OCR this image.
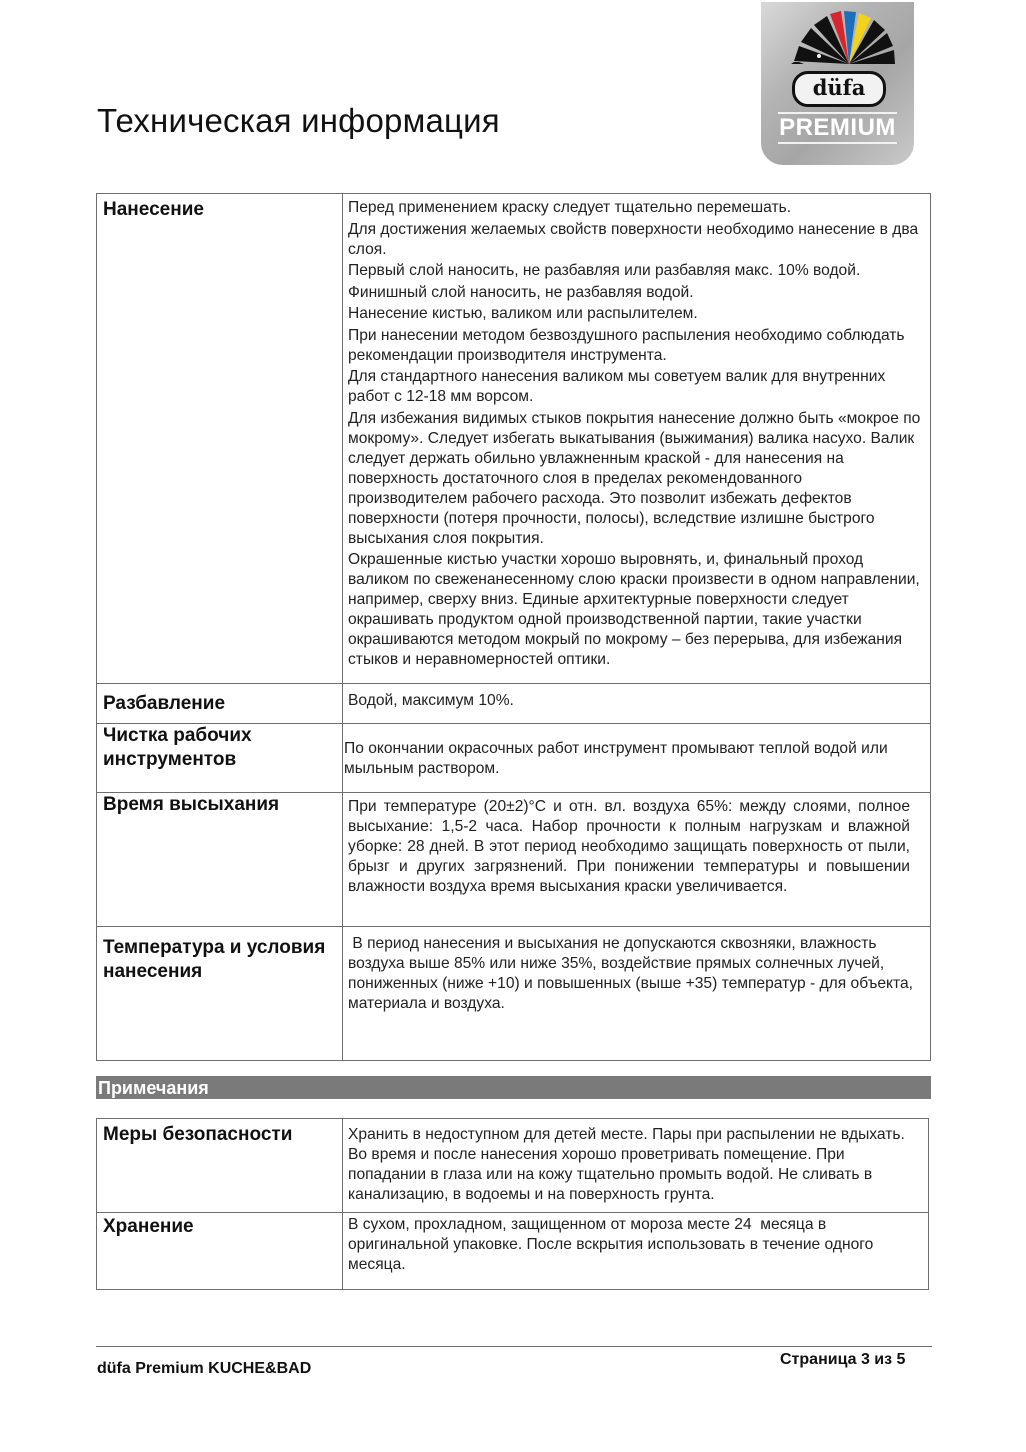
Техническая информация
düfa
PREMIUM
Нанесение	Перед применением краску следует тщательно перемешать.

Для достижения желаемых свойств поверхности необходимо нанесение в два слоя.

Первый слой наносить, не разбавляя или разбавляя макс. 10% водой.

Финишный слой наносить, не разбавляя водой.

Нанесение кистью, валиком или распылителем.

При нанесении методом безвоздушного распыления необходимо соблюдать рекомендации производителя инструмента.

Для стандартного нанесения валиком мы советуем валик для внутренних работ с 12-18 мм ворсом.

Для избежания видимых стыков покрытия нанесение должно быть «мокрое по мокрому». Следует избегать выкатывания (выжимания) валика насухо. Валик следует держать обильно увлажненным краской - для нанесения на поверхность достаточного слоя в пределах рекомендованного производителем рабочего расхода. Это позволит избежать дефектов поверхности (потеря прочности, полосы), вследствие излишне быстрого высыхания слоя покрытия.

Окрашенные кистью участки хорошо выровнять, и, финальный проход валиком по свеженанесенному слою краски произвести в одном направлении, например, сверху вниз. Единые архитектурные поверхности следует окрашивать продуктом одной производственной партии, такие участки окрашиваются методом мокрый по мокрому – без перерыва, для избежания стыков и неравномерностей оптики.

Разбавление	Водой, максимум 10%.

Чистка рабочих инструментов	По окончании окрасочных работ инструмент промывают теплой водой или мыльным раствором.

Время высыхания	При температуре (20±2)°C и отн. вл. воздуха 65%: между слоями, полное высыхание: 1,5-2 часа. Набор прочности к полным нагрузкам и влажной уборке: 28 дней. В этот период необходимо защищать поверхность от пыли, брызг и других загрязнений. При понижении температуры и повышении влажности воздуха время высыхания краски увеличивается.

Температура и условия нанесения	В период нанесения и высыхания не допускаются сквозняки, влажность воздуха выше 85% или ниже 35%, воздействие прямых солнечных лучей, пониженных (ниже +10) и повышенных (выше +35) температур - для объекта, материала и воздуха.

Примечания
Меры безопасности	Хранить в недоступном для детей месте. Пары при распылении не вдыхать. Во время и после нанесения хорошо проветривать помещение. При попадании в глаза или на кожу тщательно промыть водой. Не сливать в канализацию, в водоемы и на поверхность грунта.

Хранение	В сухом, прохладном, защищенном от мороза месте 24  месяца в оригинальной упаковке. После вскрытия использовать в течение одного месяца.

düfa Premium KUCHE&BAD
Страница 3 из 5
